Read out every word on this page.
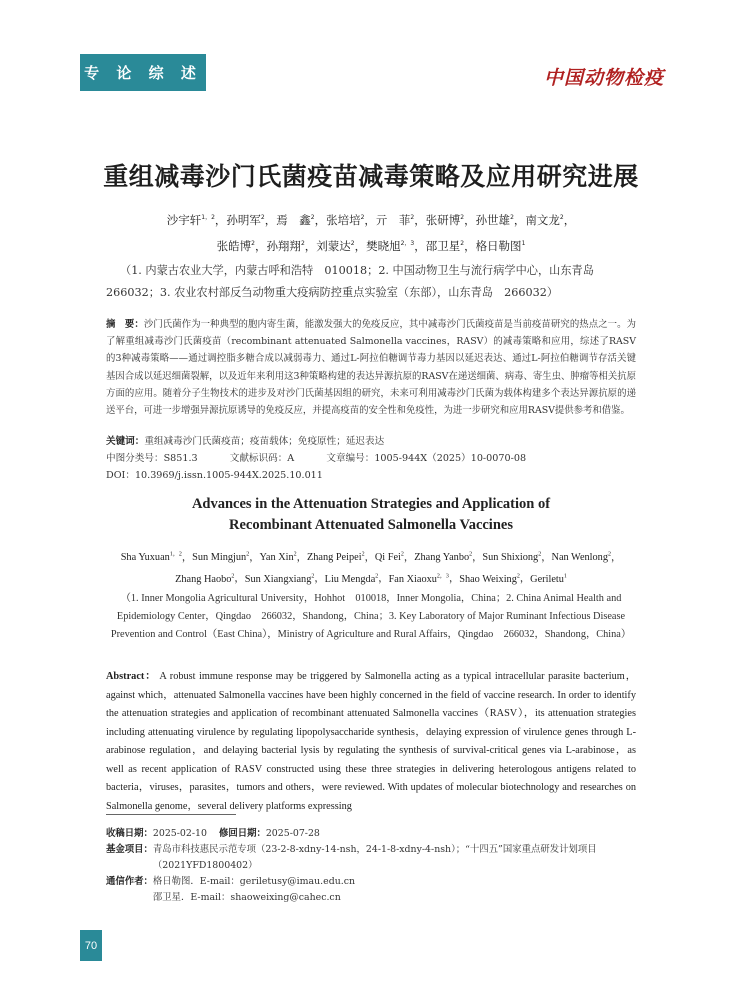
专 论 综 述	中国动物检疫
重组减毒沙门氏菌疫苗减毒策略及应用研究进展
沙宇轩$^{1,2}$，孙明军$^2$，焉　鑫$^2$，张培培$^2$，亓　菲$^2$，张研博$^2$，孙世雄$^2$，南文龙$^2$，
张皓博$^2$，孙翔翔$^2$，刘蒙达$^2$，樊晓旭$^{2,3}$，邵卫星$^2$，格日勒图$^1$
（1. 内蒙古农业大学，内蒙古呼和浩特　010018；2. 中国动物卫生与流行病学中心，山东青岛　266032；3. 农业农村部反刍动物重大疫病防控重点实验室（东部），山东青岛　266032）
摘　要：沙门氏菌作为一种典型的胞内寄生菌，能激发强大的免疫反应，其中减毒沙门氏菌疫苗是当前疫苗研究的热点之一。为了解重组减毒沙门氏菌疫苗（recombinant attenuated Salmonella vaccines，RASV）的减毒策略和应用，综述了RASV的3种减毒策略——通过调控脂多糖合成以减弱毒力、通过L-阿拉伯糖调节毒力基因以延迟表达、通过L-阿拉伯糖调节存活关键基因合成以延迟细菌裂解，以及近年来利用这3种策略构建的表达异源抗原的RASV在递送细菌、病毒、寄生虫、肿瘤等相关抗原方面的应用。随着分子生物技术的进步及对沙门氏菌基因组的研究，未来可利用减毒沙门氏菌为载体构建多个表达异源抗原的递送平台，可进一步增强异源抗原诱导的免疫反应，并提高疫苗的安全性和免疫性，为进一步研究和应用RASV提供参考和借鉴。
关键词：重组减毒沙门氏菌疫苗；疫苗载体；免疫原性；延迟表达
中图分类号：S851.3	文献标识码：A	文章编号：1005-944X（2025）10-0070-08
DOI：10.3969/j.issn.1005-944X.2025.10.011
Advances in the Attenuation Strategies and Application of
Recombinant Attenuated Salmonella Vaccines
Sha Yuxuan$^{1,2}$，Sun Mingjun$^2$，Yan Xin$^2$，Zhang Peipei$^2$，Qi Fei$^2$，Zhang Yanbo$^2$，Sun Shixiong$^2$，Nan Wenlong$^2$，
Zhang Haobo$^2$，Sun Xiangxiang$^2$，Liu Mengda$^2$，Fan Xiaoxu$^{2,3}$，Shao Weixing$^2$，Geriletu$^1$
（1. Inner Mongolia Agricultural University，Hohhot　010018，Inner Mongolia，China；2. China Animal Health and Epidemiology Center，Qingdao　266032，Shandong，China；3. Key Laboratory of Major Ruminant Infectious Disease Prevention and Control（East China），Ministry of Agriculture and Rural Affairs，Qingdao　266032，Shandong，China）
Abstract： A robust immune response may be triggered by Salmonella acting as a typical intracellular parasite bacterium，against which，attenuated Salmonella vaccines have been highly concerned in the field of vaccine research. In order to identify the attenuation strategies and application of recombinant attenuated Salmonella vaccines（RASV），its attenuation strategies including attenuating virulence by regulating lipopolysaccharide synthesis，delaying expression of virulence genes through L-arabinose regulation，and delaying bacterial lysis by regulating the synthesis of survival-critical genes via L-arabinose，as well as recent application of RASV constructed using these three strategies in delivering heterologous antigens related to bacteria，viruses，parasites，tumors and others，were reviewed. With updates of molecular biotechnology and researches on Salmonella genome，several delivery platforms expressing
收稿日期： 2025-02-10 修回日期： 2025-07-28
基金项目： 青岛市科技惠民示范专项（23-2-8-xdny-14-nsh，24-1-8-xdny-4-nsh）；“十四五”国家重点研发计划项目（2021YFD1800402）
通信作者： 格日勒图．E-mail：geriletusy@imau.edu.cn
邵卫星．E-mail：shaoweixing@cahec.cn
70
